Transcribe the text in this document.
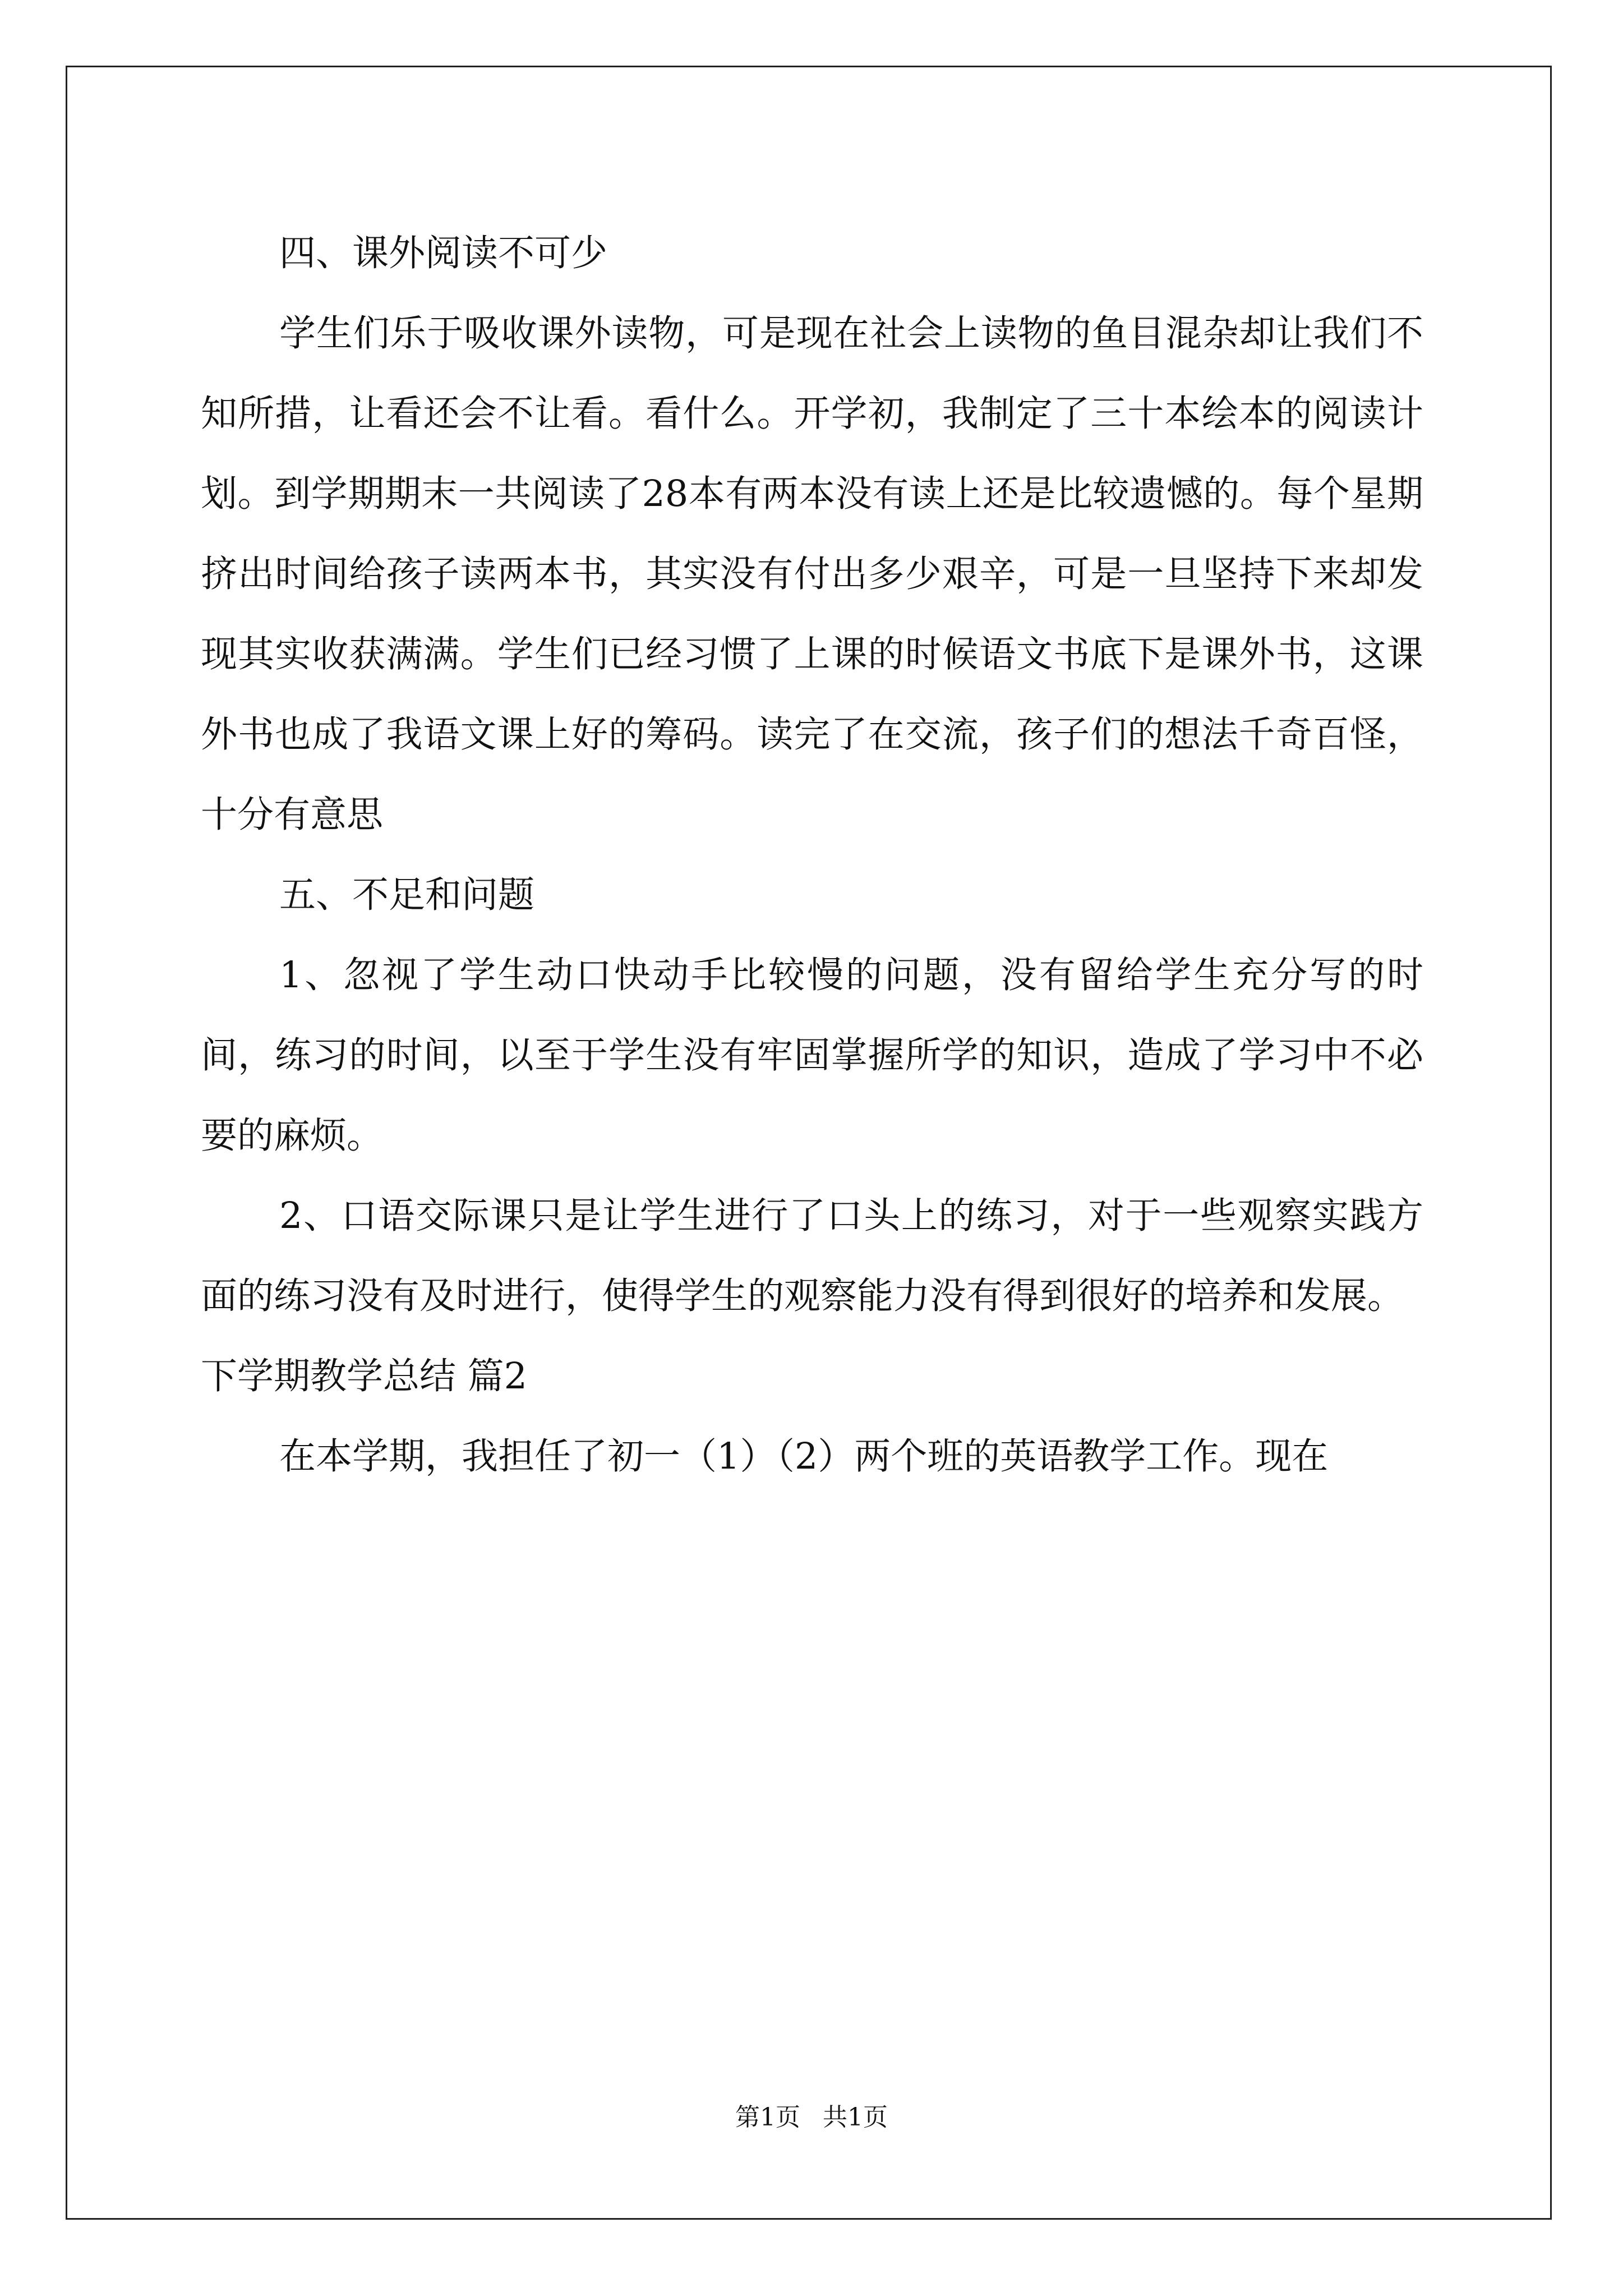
四、课外阅读不可少

学生们乐于吸收课外读物，可是现在社会上读物的鱼目混杂却让我们不知所措，让看还会不让看。看什么。开学初，我制定了三十本绘本的阅读计划。到学期期末一共阅读了28本有两本没有读上还是比较遗憾的。每个星期挤出时间给孩子读两本书，其实没有付出多少艰辛，可是一旦坚持下来却发现其实收获满满。学生们已经习惯了上课的时候语文书底下是课外书，这课外书也成了我语文课上好的筹码。读完了在交流，孩子们的想法千奇百怪，十分有意思

五、不足和问题

1、忽视了学生动口快动手比较慢的问题，没有留给学生充分写的时间，练习的时间，以至于学生没有牢固掌握所学的知识，造成了学习中不必要的麻烦。

2、口语交际课只是让学生进行了口头上的练习，对于一些观察实践方面的练习没有及时进行，使得学生的观察能力没有得到很好的培养和发展。

下学期教学总结 篇2

在本学期，我担任了初一（1）（2）两个班的英语教学工作。现在

第1页 共1页
